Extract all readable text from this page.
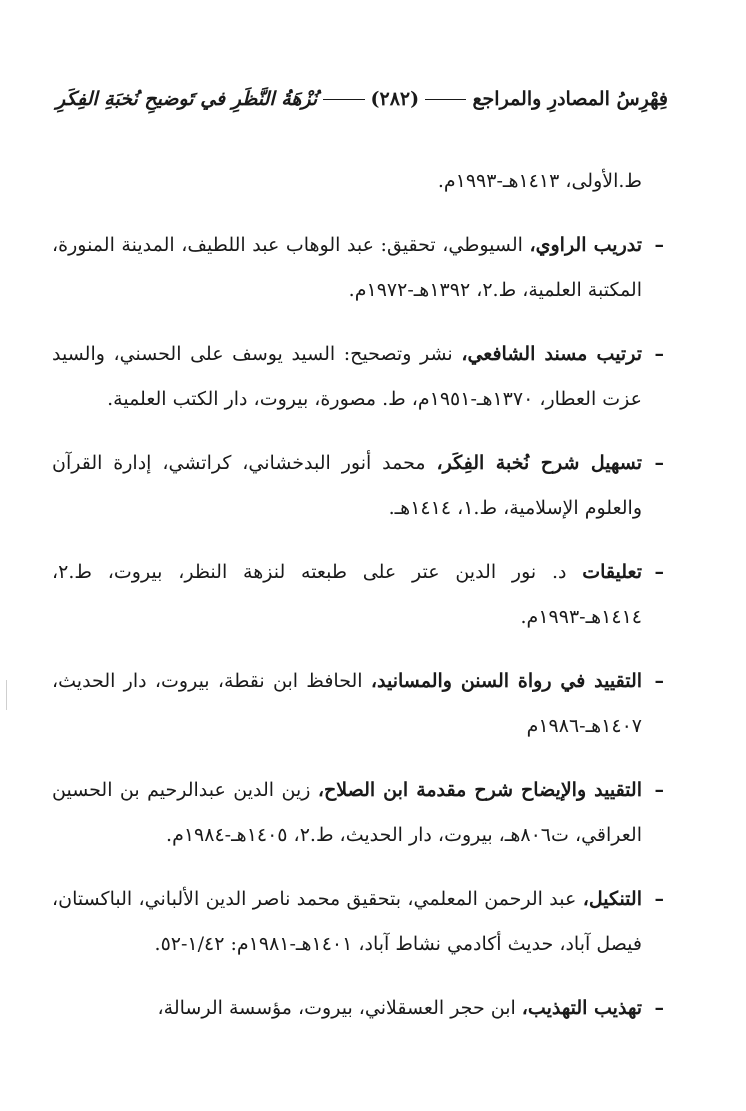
فِهْرِسُ المصادرِ والمراجع
(٢٨٢)
نُزْهَةُ النَّظَرِ في تَوضيحِ نُخبَةِ الفِكَرِ

ط.الأولى، ١٤١٣هـ-١٩٩٣م.

–تدريب الراوي، السيوطي، تحقيق: عبد الوهاب عبد اللطيف، المدينة المنورة، المكتبة العلمية، ط.٢، ١٣٩٢هـ-١٩٧٢م.

–ترتيب مسند الشافعي، نشر وتصحيح: السيد يوسف على الحسني، والسيد عزت العطار، ١٣٧٠هـ-١٩٥١م، ط. مصورة، بيروت، دار الكتب العلمية.

–تسهيل شرح نُخبة الفِكَر، محمد أنور البدخشاني، كراتشي، إدارة القرآن والعلوم الإسلامية، ط.١، ١٤١٤هـ.

–تعليقات د. نور الدين عتر على طبعته لنزهة النظر، بيروت، ط.٢، ١٤١٤هـ-١٩٩٣م.

–التقييد في رواة السنن والمسانيد، الحافظ ابن نقطة، بيروت، دار الحديث، ١٤٠٧هـ-١٩٨٦م

–التقييد والإيضاح شرح مقدمة ابن الصلاح، زين الدين عبدالرحيم بن الحسين العراقي، ت٨٠٦هـ، بيروت، دار الحديث، ط.٢، ١٤٠٥هـ-١٩٨٤م.

–التنكيل، عبد الرحمن المعلمي، بتحقيق محمد ناصر الدين الألباني، الباكستان، فيصل آباد، حديث أكادمي نشاط آباد، ١٤٠١هـ-١٩٨١م: ١/٤٢-٥٢.

–تهذيب التهذيب، ابن حجر العسقلاني، بيروت، مؤسسة الرسالة،
